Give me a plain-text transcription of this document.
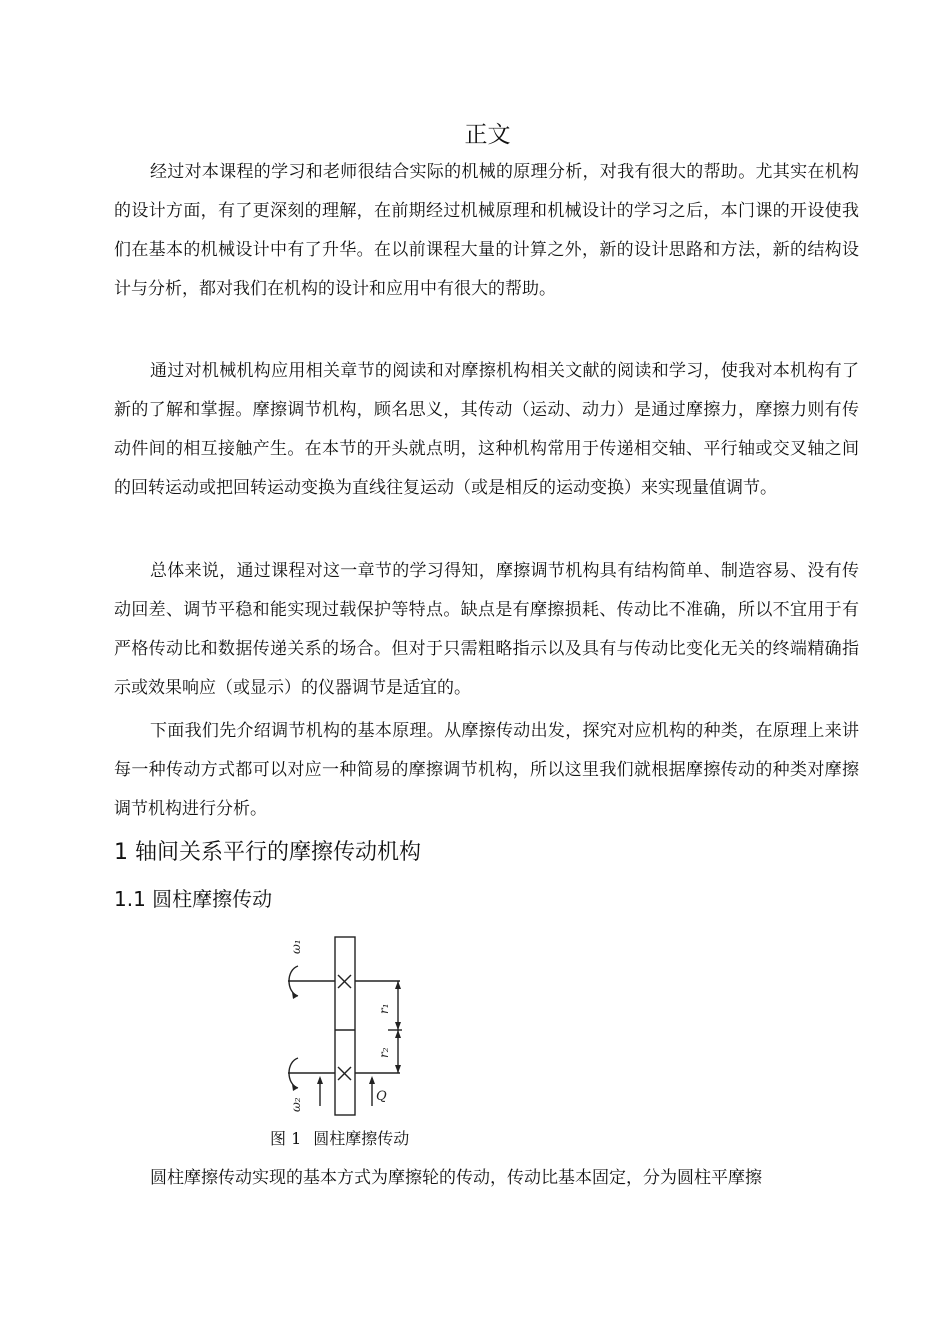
正文

经过对本课程的学习和老师很结合实际的机械的原理分析，对我有很大的帮助。尤其实在机构的设计方面，有了更深刻的理解，在前期经过机械原理和机械设计的学习之后，本门课的开设使我们在基本的机械设计中有了升华。在以前课程大量的计算之外，新的设计思路和方法，新的结构设计与分析，都对我们在机构的设计和应用中有很大的帮助。

通过对机械机构应用相关章节的阅读和对摩擦机构相关文献的阅读和学习，使我对本机构有了新的了解和掌握。摩擦调节机构，顾名思义，其传动（运动、动力）是通过摩擦力，摩擦力则有传动件间的相互接触产生。在本节的开头就点明，这种机构常用于传递相交轴、平行轴或交叉轴之间的回转运动或把回转运动变换为直线往复运动（或是相反的运动变换）来实现量值调节。

总体来说，通过课程对这一章节的学习得知，摩擦调节机构具有结构简单、制造容易、没有传动回差、调节平稳和能实现过载保护等特点。缺点是有摩擦损耗、传动比不准确，所以不宜用于有严格传动比和数据传递关系的场合。但对于只需粗略指示以及具有与传动比变化无关的终端精确指示或效果响应（或显示）的仪器调节是适宜的。

下面我们先介绍调节机构的基本原理。从摩擦传动出发，探究对应机构的种类，在原理上来讲每一种传动方式都可以对应一种简易的摩擦调节机构，所以这里我们就根据摩擦传动的种类对摩擦调节机构进行分析。

1 轴间关系平行的摩擦传动机构
1.1 圆柱摩擦传动
ω₁
ω₂
r₁
r₂
Q
图 1 圆柱摩擦传动

圆柱摩擦传动实现的基本方式为摩擦轮的传动，传动比基本固定，分为圆柱平摩擦
